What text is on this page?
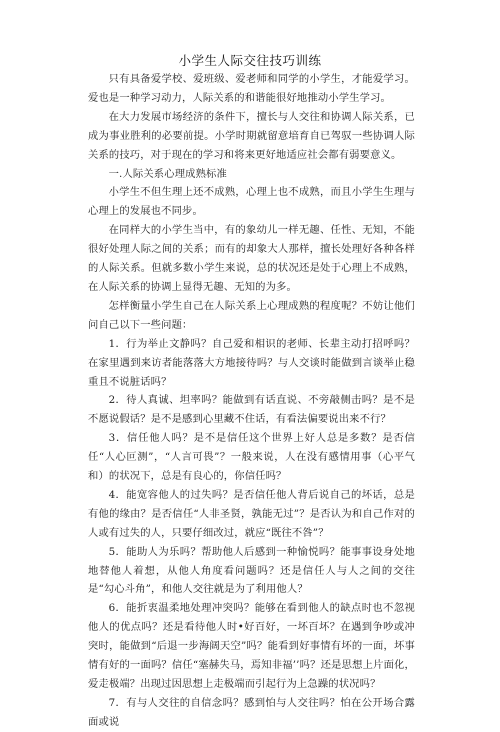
小学生人际交往技巧训练

只有具备爱学校、爱班级、爱老师和同学的小学生，才能爱学习。爱也是一种学习动力，人际关系的和谐能很好地推动小学生学习。

在大力发展市场经济的条件下，擅长与人交往和协调人际关系，已成为事业胜利的必要前提。小学时期就留意培育自已驾驭一些协调人际关系的技巧，对于现在的学习和将来更好地适应社会都有弱要意义。

一.人际关系心理成熟标准

小学生不但生理上还不成熟，心理上也不成熟，而且小学生生理与心理上的发展也不同步。

在同样大的小学生当中，有的象幼儿一样无趣、任性、无知，不能很好处理人际之间的关系；而有的却象大人那样，擅长处理好各种各样的人际关系。但就多数小学生来说，总的状况还是处于心理上不成熟，在人际关系的协调上显得无趣、无知的为多。

怎样衡量小学生自己在人际关系上心理成熟的程度呢？不妨让他们问自己以下一些问题：

1．行为举止文静吗？自己爱和相识的老师、长辈主动打招呼吗？在家里遇到来访者能落落大方地接待吗？与人交谈时能做到言谈举止稳重且不说脏话吗？

2．待人真诚、坦率吗？能做到有话直说、不旁敲侧击吗？是不是不愿说假话？是不是感到心里藏不住话，有看法偏要说出来不行？

3．信任他人吗？是不是信任这个世界上好人总是多数？是否信任“人心叵测”，“人言可畏”？一般来说，人在没有感情用事（心平气和）的状况下，总是有良心的，你信任吗？

4．能宽容他人的过失吗？是否信任他人背后说自己的坏话，总是有他的缘由？是否信任“人非圣贤，孰能无过”？是否认为和自己作对的人或有过失的人，只要仔细改过，就应“既往不咎”？

5．能助人为乐吗？帮助他人后感到一种愉悦吗？能事事设身处地地替他人着想，从他人角度看问题吗？还是信任人与人之间的交往是“勾心斗角”，和他人交往就是为了利用他人？

6．能折衷温柔地处理冲突吗？能够在看到他人的缺点时也不忽视他人的优点吗？还是看待他人时•好百好，一坏百坏？在遇到争吵或冲突时，能做到“后退一步海阔天空”吗？能看到好事情有坏的一面，坏事情有好的一面吗？信任“塞赫失马，焉知非福’’吗？还是思想上片面化，爱走极端？出现过因思想上走极端而引起行为上急躁的状况吗？

7．有与人交往的自信念吗？感到怕与人交往吗？怕在公开场合露面或说
